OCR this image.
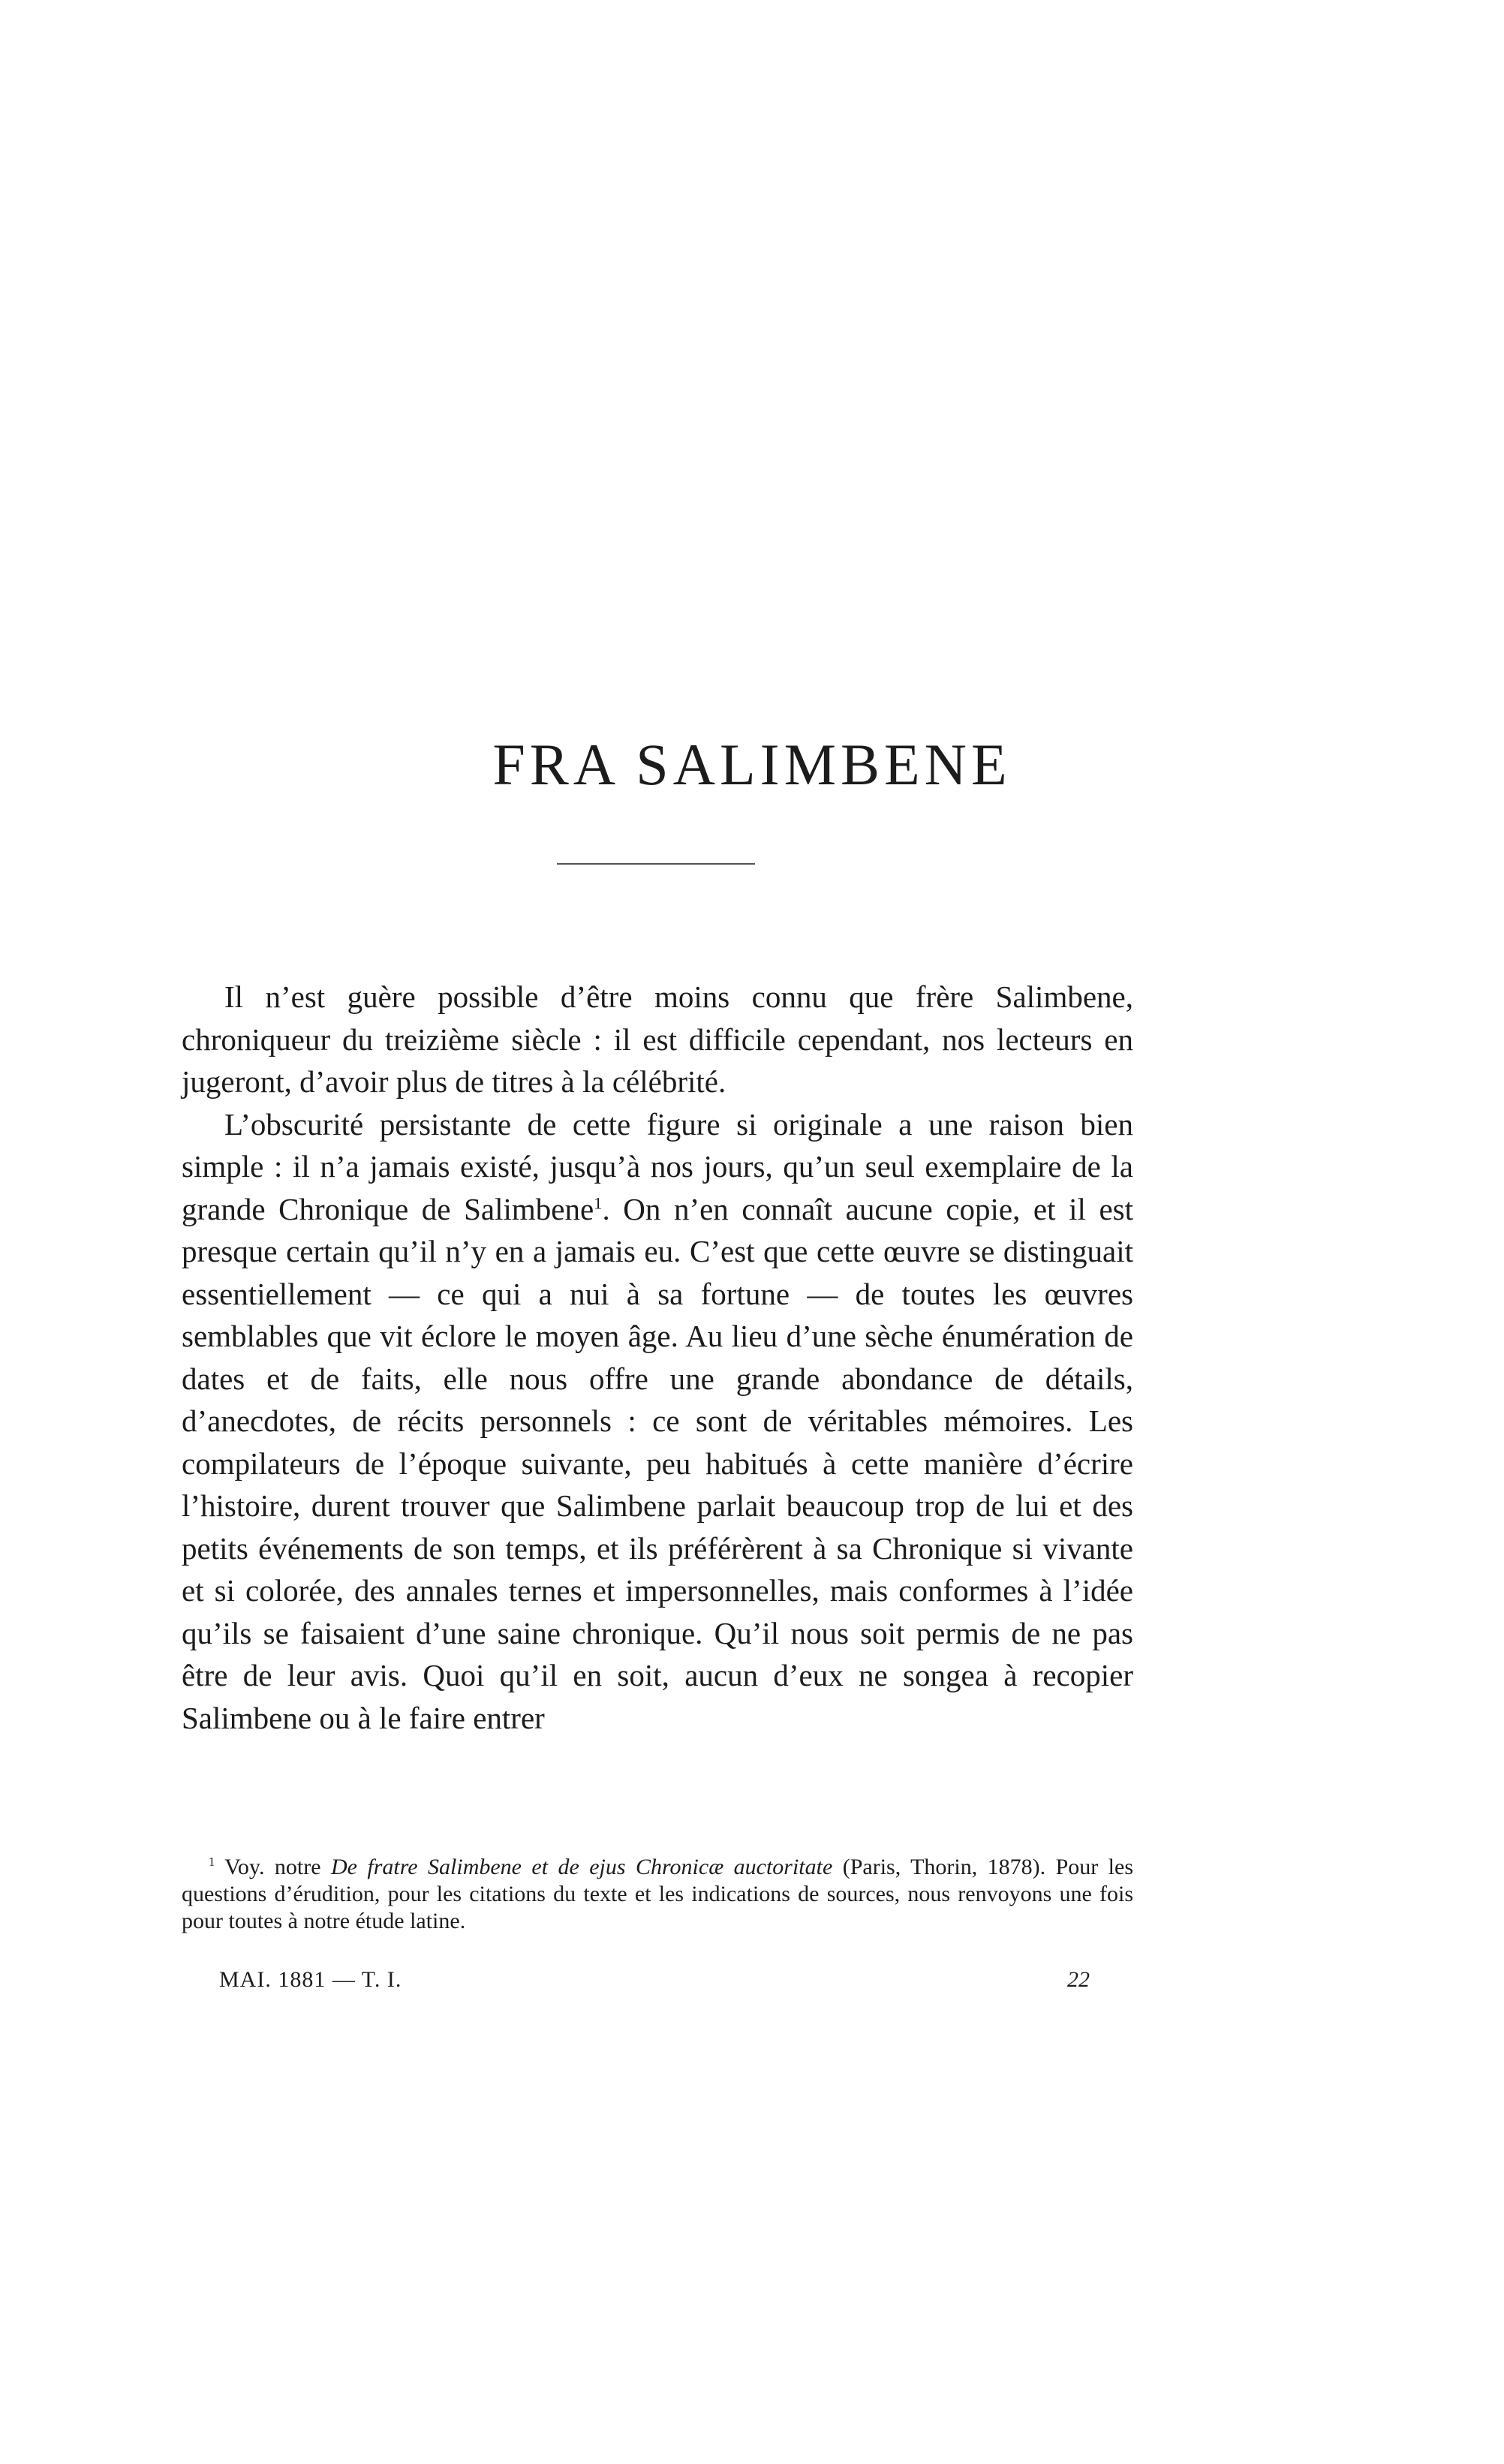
FRA SALIMBENE

Il n’est guère possible d’être moins connu que frère Salimbene, chroniqueur du treizième siècle : il est difficile cependant, nos lecteurs en jugeront, d’avoir plus de titres à la célébrité.

L’obscurité persistante de cette figure si originale a une raison bien simple : il n’a jamais existé, jusqu’à nos jours, qu’un seul exemplaire de la grande Chronique de Salimbene$^1$. On n’en connaît aucune copie, et il est presque certain qu’il n’y en a jamais eu. C’est que cette œuvre se distinguait essentiellement — ce qui a nui à sa fortune — de toutes les œuvres semblables que vit éclore le moyen âge. Au lieu d’une sèche énumération de dates et de faits, elle nous offre une grande abondance de détails, d’anecdotes, de récits personnels : ce sont de véritables mémoires. Les compilateurs de l’époque suivante, peu habitués à cette manière d’écrire l’histoire, durent trouver que Salimbene parlait beaucoup trop de lui et des petits événements de son temps, et ils préférèrent à sa Chronique si vivante et si colorée, des annales ternes et impersonnelles, mais conformes à l’idée qu’ils se faisaient d’une saine chronique. Qu’il nous soit permis de ne pas être de leur avis. Quoi qu’il en soit, aucun d’eux ne songea à recopier Salimbene ou à le faire entrer

$^1$ Voy. notre De fratre Salimbene et de ejus Chronicæ auctoritate (Paris, Thorin, 1878). Pour les questions d’érudition, pour les citations du texte et les indications de sources, nous renvoyons une fois pour toutes à notre étude latine.

MAI. 1881 — T. I.	22
